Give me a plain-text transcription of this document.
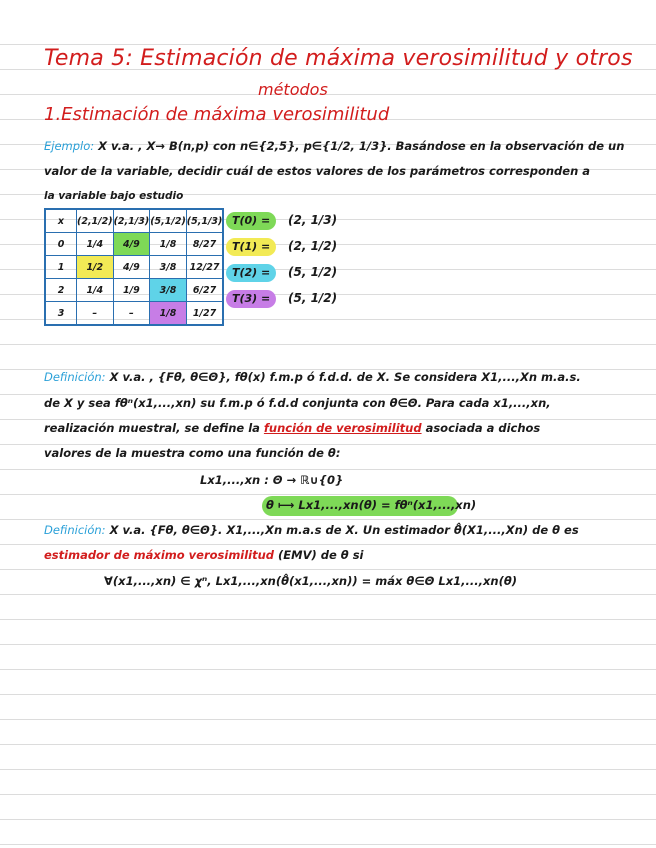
Tema 5: Estimación de máxima verosimilitud y otros
métodos
1.Estimación de máxima verosimilitud
Ejemplo: X v.a. , X→ B(n,p) con n∈{2,5}, p∈{1/2, 1/3}. Basándose en la observación de un
valor de la variable, decidir cuál de estos valores de los parámetros corresponden a
la variable bajo estudio
x	(2,1/2)	(2,1/3)	(5,1/2)	(5,1/3)
0	1/4	4/9	1/8	8/27
1	1/2	4/9	3/8	12/27
2	1/4	1/9	3/8	6/27
3	–	–	1/8	1/27
T(0) =	(2, 1/3)
T(1) =	(2, 1/2)
T(2) =	(5, 1/2)
T(3) =	(5, 1/2)
Definición: X v.a. , {Fθ, θ∈Θ}, fθ(x) f.m.p ó f.d.d. de X. Se considera X1,...,Xn m.a.s.
de X y sea fθⁿ(x1,...,xn) su f.m.p ó f.d.d conjunta con θ∈Θ. Para cada x1,...,xn,
realización muestral, se define la función de verosimilitud asociada a dichos
valores de la muestra como una función de θ:
Lx1,...,xn : Θ → ℝ∪{0}
θ ⟼ Lx1,...,xn(θ) = fθⁿ(x1,...,xn)
Definición: X v.a. {Fθ, θ∈Θ}. X1,...,Xn m.a.s de X. Un estimador θ̂(X1,...,Xn) de θ es
estimador de máximo verosimilitud (EMV) de θ si
∀(x1,...,xn) ∈ χⁿ, Lx1,...,xn(θ̂(x1,...,xn)) = máx θ∈Θ Lx1,...,xn(θ)
